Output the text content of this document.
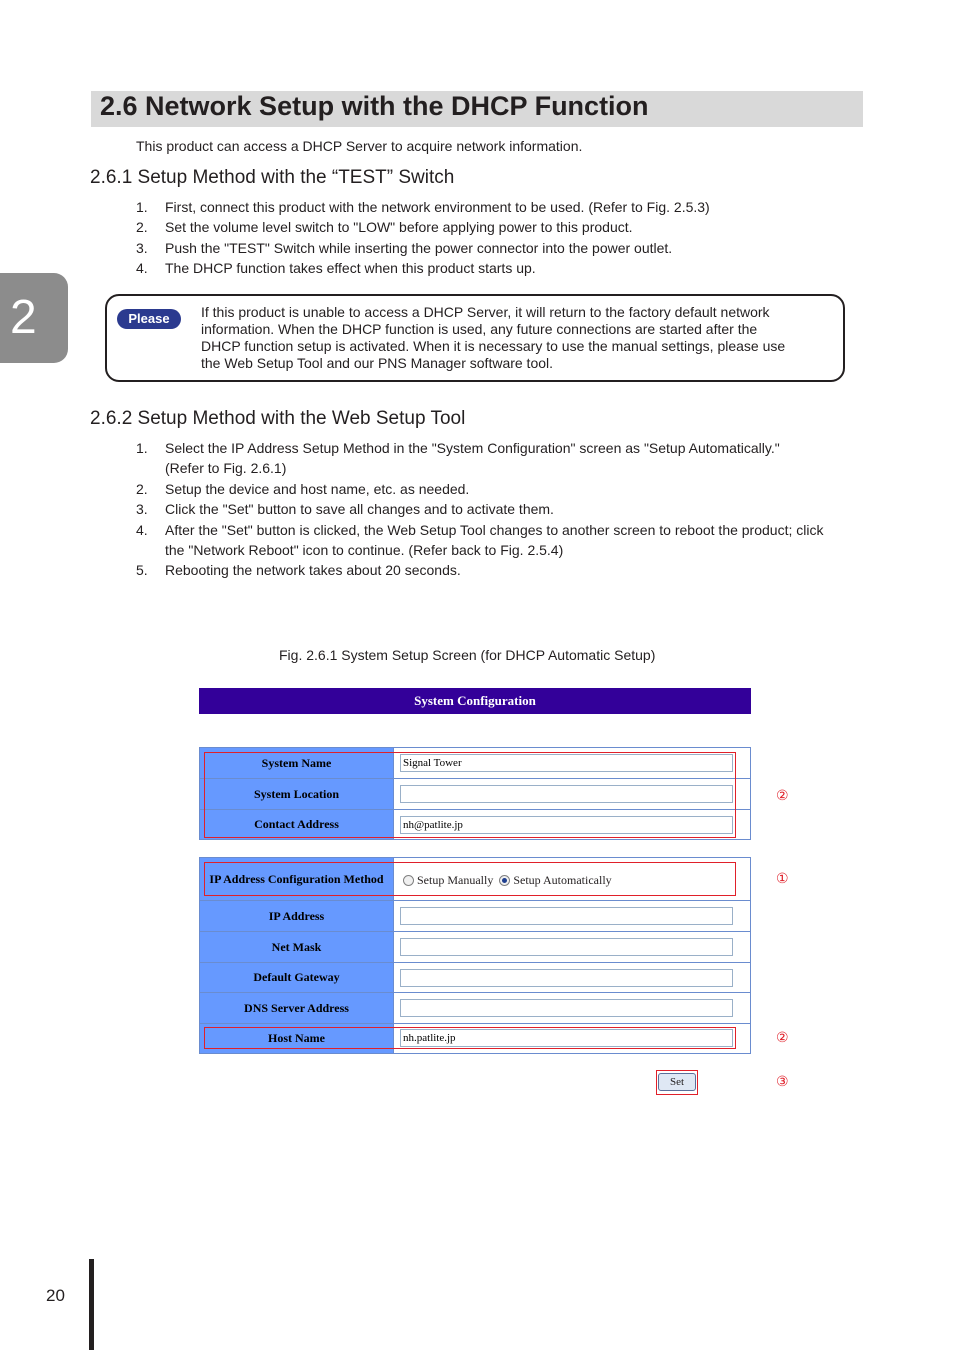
2.6 Network Setup with the DHCP Function
This product can access a DHCP Server to acquire network information.
2
2.6.1 Setup Method with the “TEST” Switch
1. First, connect this product with the network environment to be used. (Refer to Fig. 2.5.3)
2. Set the volume level switch to "LOW" before applying power to this product.
3. Push the "TEST" Switch while inserting the power connector into the power outlet.
4. The DHCP function takes effect when this product starts up.
Please	If this product is unable to access a DHCP Server, it will return to the factory default network
information. When the DHCP function is used, any future connections are started after the
DHCP function setup is activated. When it is necessary to use the manual settings, please use
the Web Setup Tool and our PNS Manager software tool.
2.6.2 Setup Method with the Web Setup Tool
1. Select the IP Address Setup Method in the "System Configuration" screen as "Setup Automatically."
(Refer to Fig. 2.6.1)
2. Setup the device and host name, etc. as needed.
3. Click the "Set" button to save all changes and to activate them.
4. After the "Set" button is clicked, the Web Setup Tool changes to another screen to reboot the product; click
the "Network Reboot" icon to continue. (Refer back to Fig. 2.5.4)
5. Rebooting the network takes about 20 seconds.
Fig. 2.6.1 System Setup Screen (for DHCP Automatic Setup)
System Configuration
System Name	Signal Tower
System Location
Contact Address	nh@patlite.jp
IP Address Configuration Method	Setup Manually Setup Automatically
IP Address
Net Mask
Default Gateway
DNS Server Address
Host Name	nh.patlite.jp
Set
②
①
②
③
20
